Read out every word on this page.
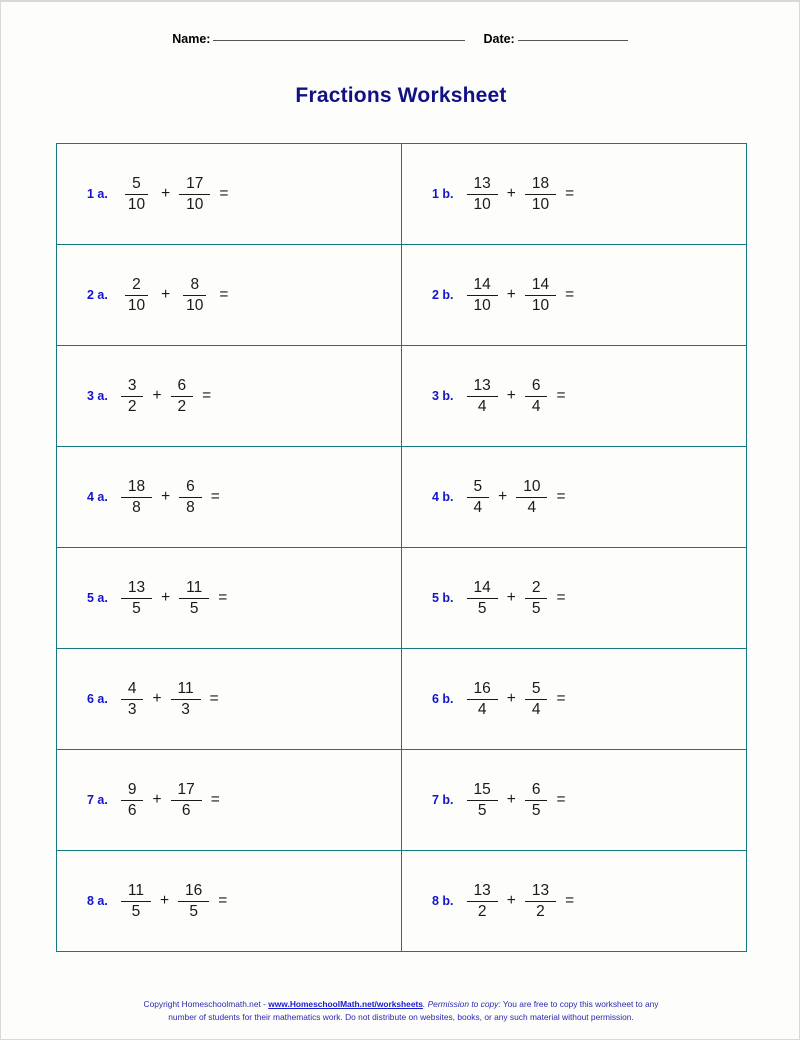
Name:	Date:
Fractions Worksheet
1 a. $\frac{5}{10} + \frac{17}{10}$ =	1 b. $\frac{13}{10} + \frac{18}{10}$ =

2 a. $\frac{2}{10} + \frac{8}{10}$ =	2 b. $\frac{14}{10} + \frac{14}{10}$ =

3 a. $\frac{3}{2} + \frac{6}{2}$ =	3 b. $\frac{13}{4} + \frac{6}{4}$ =

4 a. $\frac{18}{8} + \frac{6}{8}$ =	4 b. $\frac{5}{4} + \frac{10}{4}$ =

5 a. $\frac{13}{5} + \frac{11}{5}$ =	5 b. $\frac{14}{5} + \frac{2}{5}$ =

6 a. $\frac{4}{3} + \frac{11}{3}$ =	6 b. $\frac{16}{4} + \frac{5}{4}$ =

7 a. $\frac{9}{6} + \frac{17}{6}$ =	7 b. $\frac{15}{5} + \frac{6}{5}$ =

8 a. $\frac{11}{5} + \frac{16}{5}$ =	8 b. $\frac{13}{2} + \frac{13}{2}$ =
Copyright Homeschoolmath.net - www.HomeschoolMath.net/worksheets. Permission to copy: You are free to copy this worksheet to any
number of students for their mathematics work. Do not distribute on websites, books, or any such material without permission.
